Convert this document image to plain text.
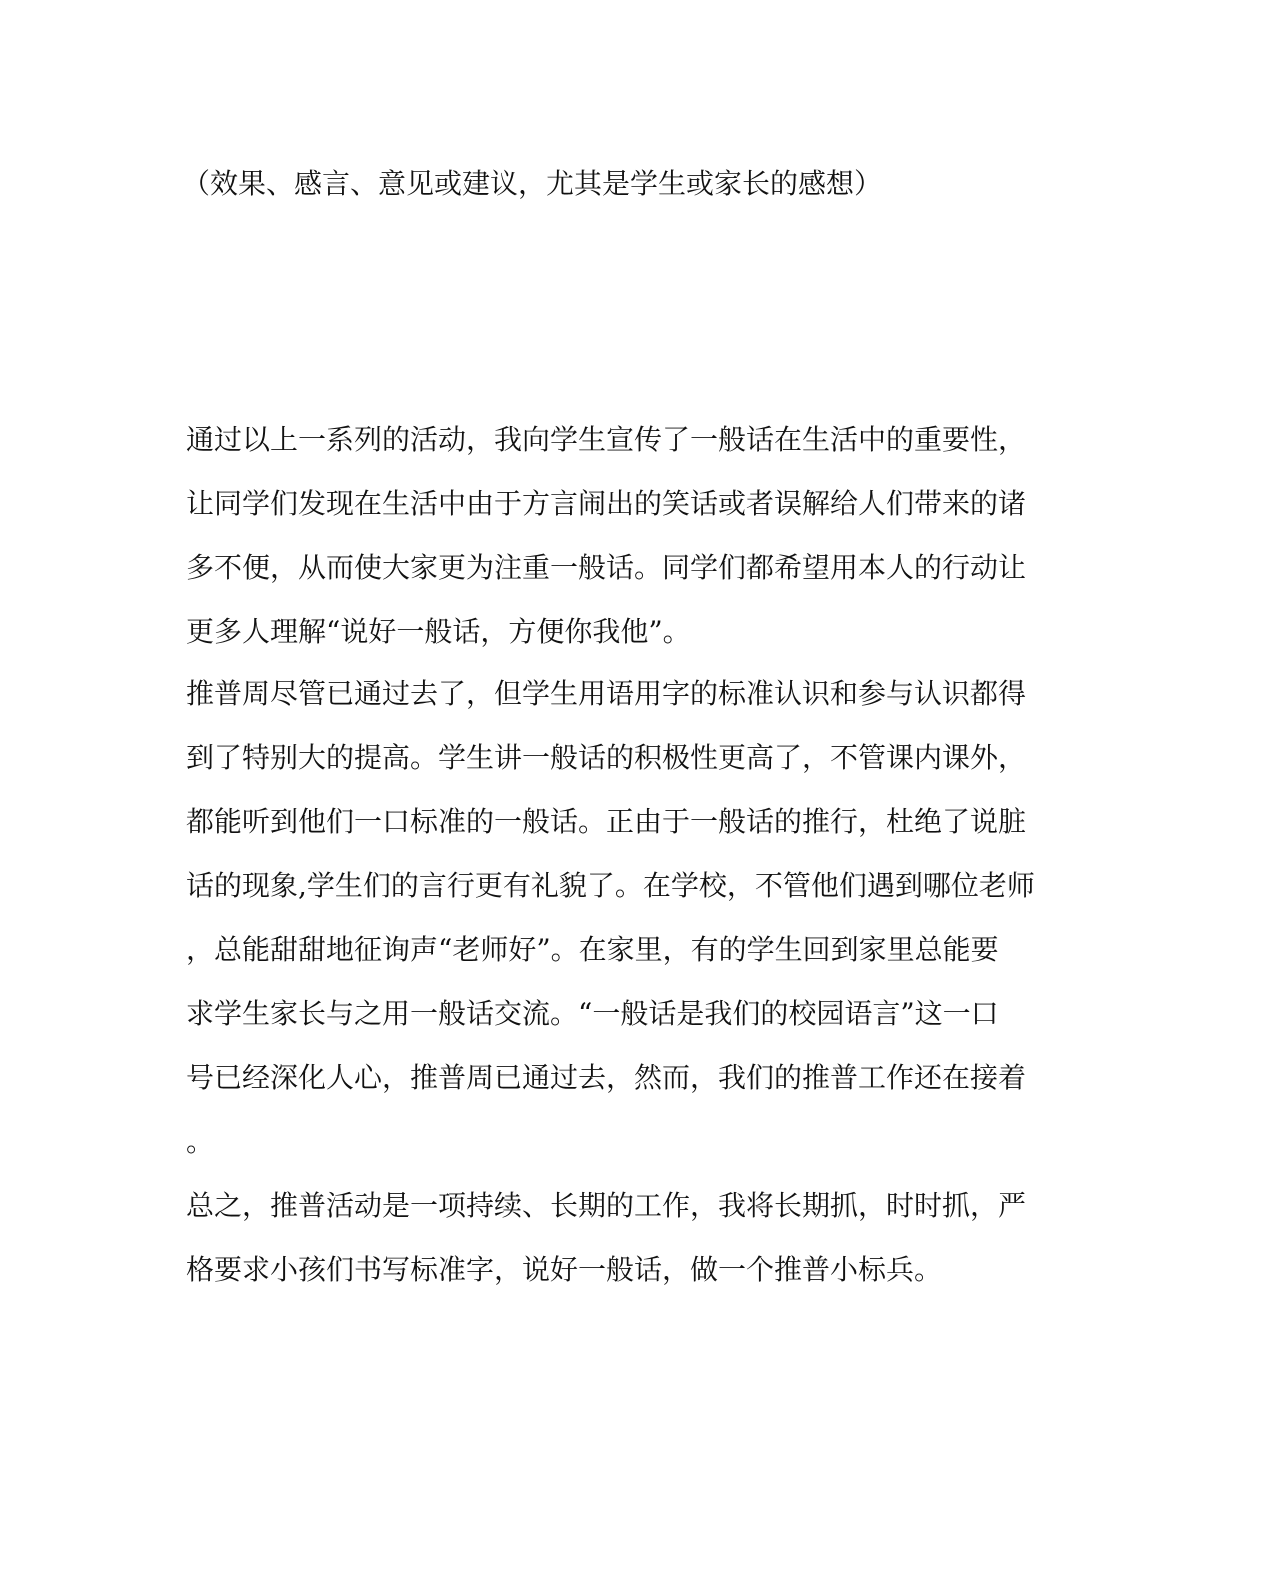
（效果、感言、意见或建议，尤其是学生或家长的感想）
通过以上一系列的活动，我向学生宣传了一般话在生活中的重要性，
让同学们发现在生活中由于方言闹出的笑话或者误解给人们带来的诸
多不便，从而使大家更为注重一般话。同学们都希望用本人的行动让
更多人理解“说好一般话，方便你我他”。
推普周尽管已通过去了，但学生用语用字的标准认识和参与认识都得
到了特别大的提高。学生讲一般话的积极性更高了，不管课内课外，
都能听到他们一口标准的一般话。正由于一般话的推行，杜绝了说脏
话的现象,学生们的言行更有礼貌了。在学校，不管他们遇到哪位老师
，总能甜甜地征询声“老师好”。在家里，有的学生回到家里总能要
求学生家长与之用一般话交流。“一般话是我们的校园语言”这一口
号已经深化人心，推普周已通过去，然而，我们的推普工作还在接着
。
总之，推普活动是一项持续、长期的工作，我将长期抓，时时抓，严
格要求小孩们书写标准字，说好一般话，做一个推普小标兵。
